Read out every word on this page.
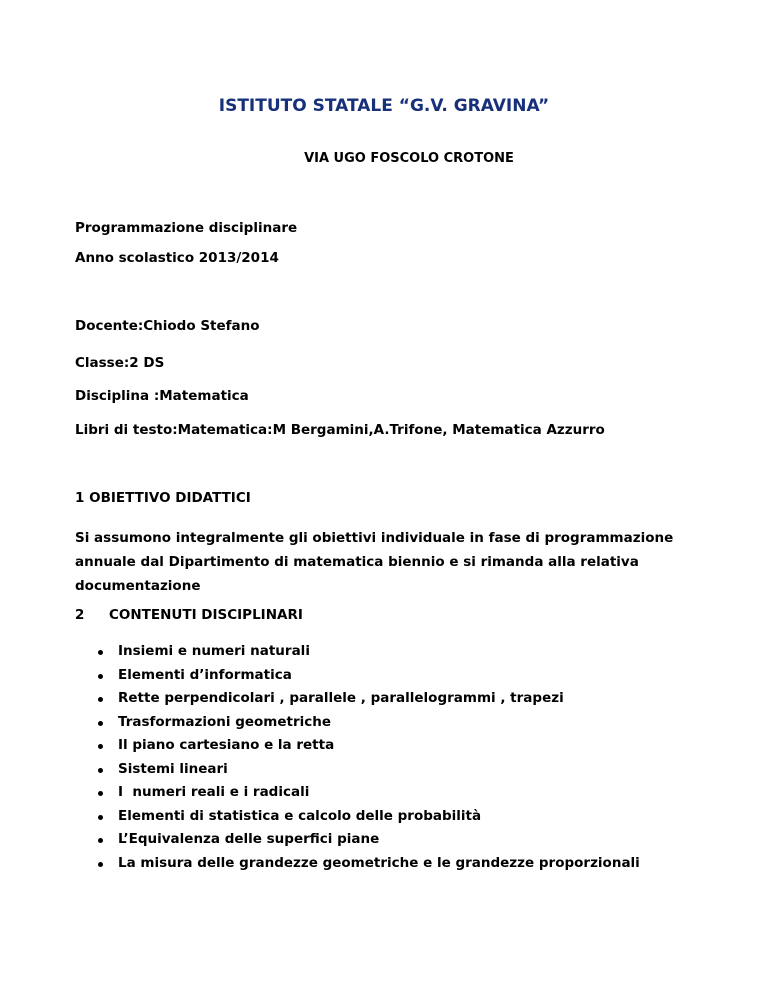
ISTITUTO STATALE “G.V. GRAVINA”
VIA UGO FOSCOLO CROTONE
Programmazione disciplinare
Anno scolastico 2013/2014
Docente:Chiodo Stefano
Classe:2 DS
Disciplina :Matematica
Libri di testo:Matematica:M Bergamini,A.Trifone, Matematica Azzurro
1 OBIETTIVO DIDATTICI
Si assumono integralmente gli obiettivi individuale in fase di programmazione annuale dal Dipartimento di matematica biennio e si rimanda alla relativa documentazione
2 CONTENUTI DISCIPLINARI
Insiemi e numeri naturali
Elementi d’informatica
Rette perpendicolari , parallele , parallelogrammi , trapezi
Trasformazioni geometriche
Il piano cartesiano e la retta
Sistemi lineari
I  numeri reali e i radicali
Elementi di statistica e calcolo delle probabilità
L’Equivalenza delle superfici piane
La misura delle grandezze geometriche e le grandezze proporzionali
